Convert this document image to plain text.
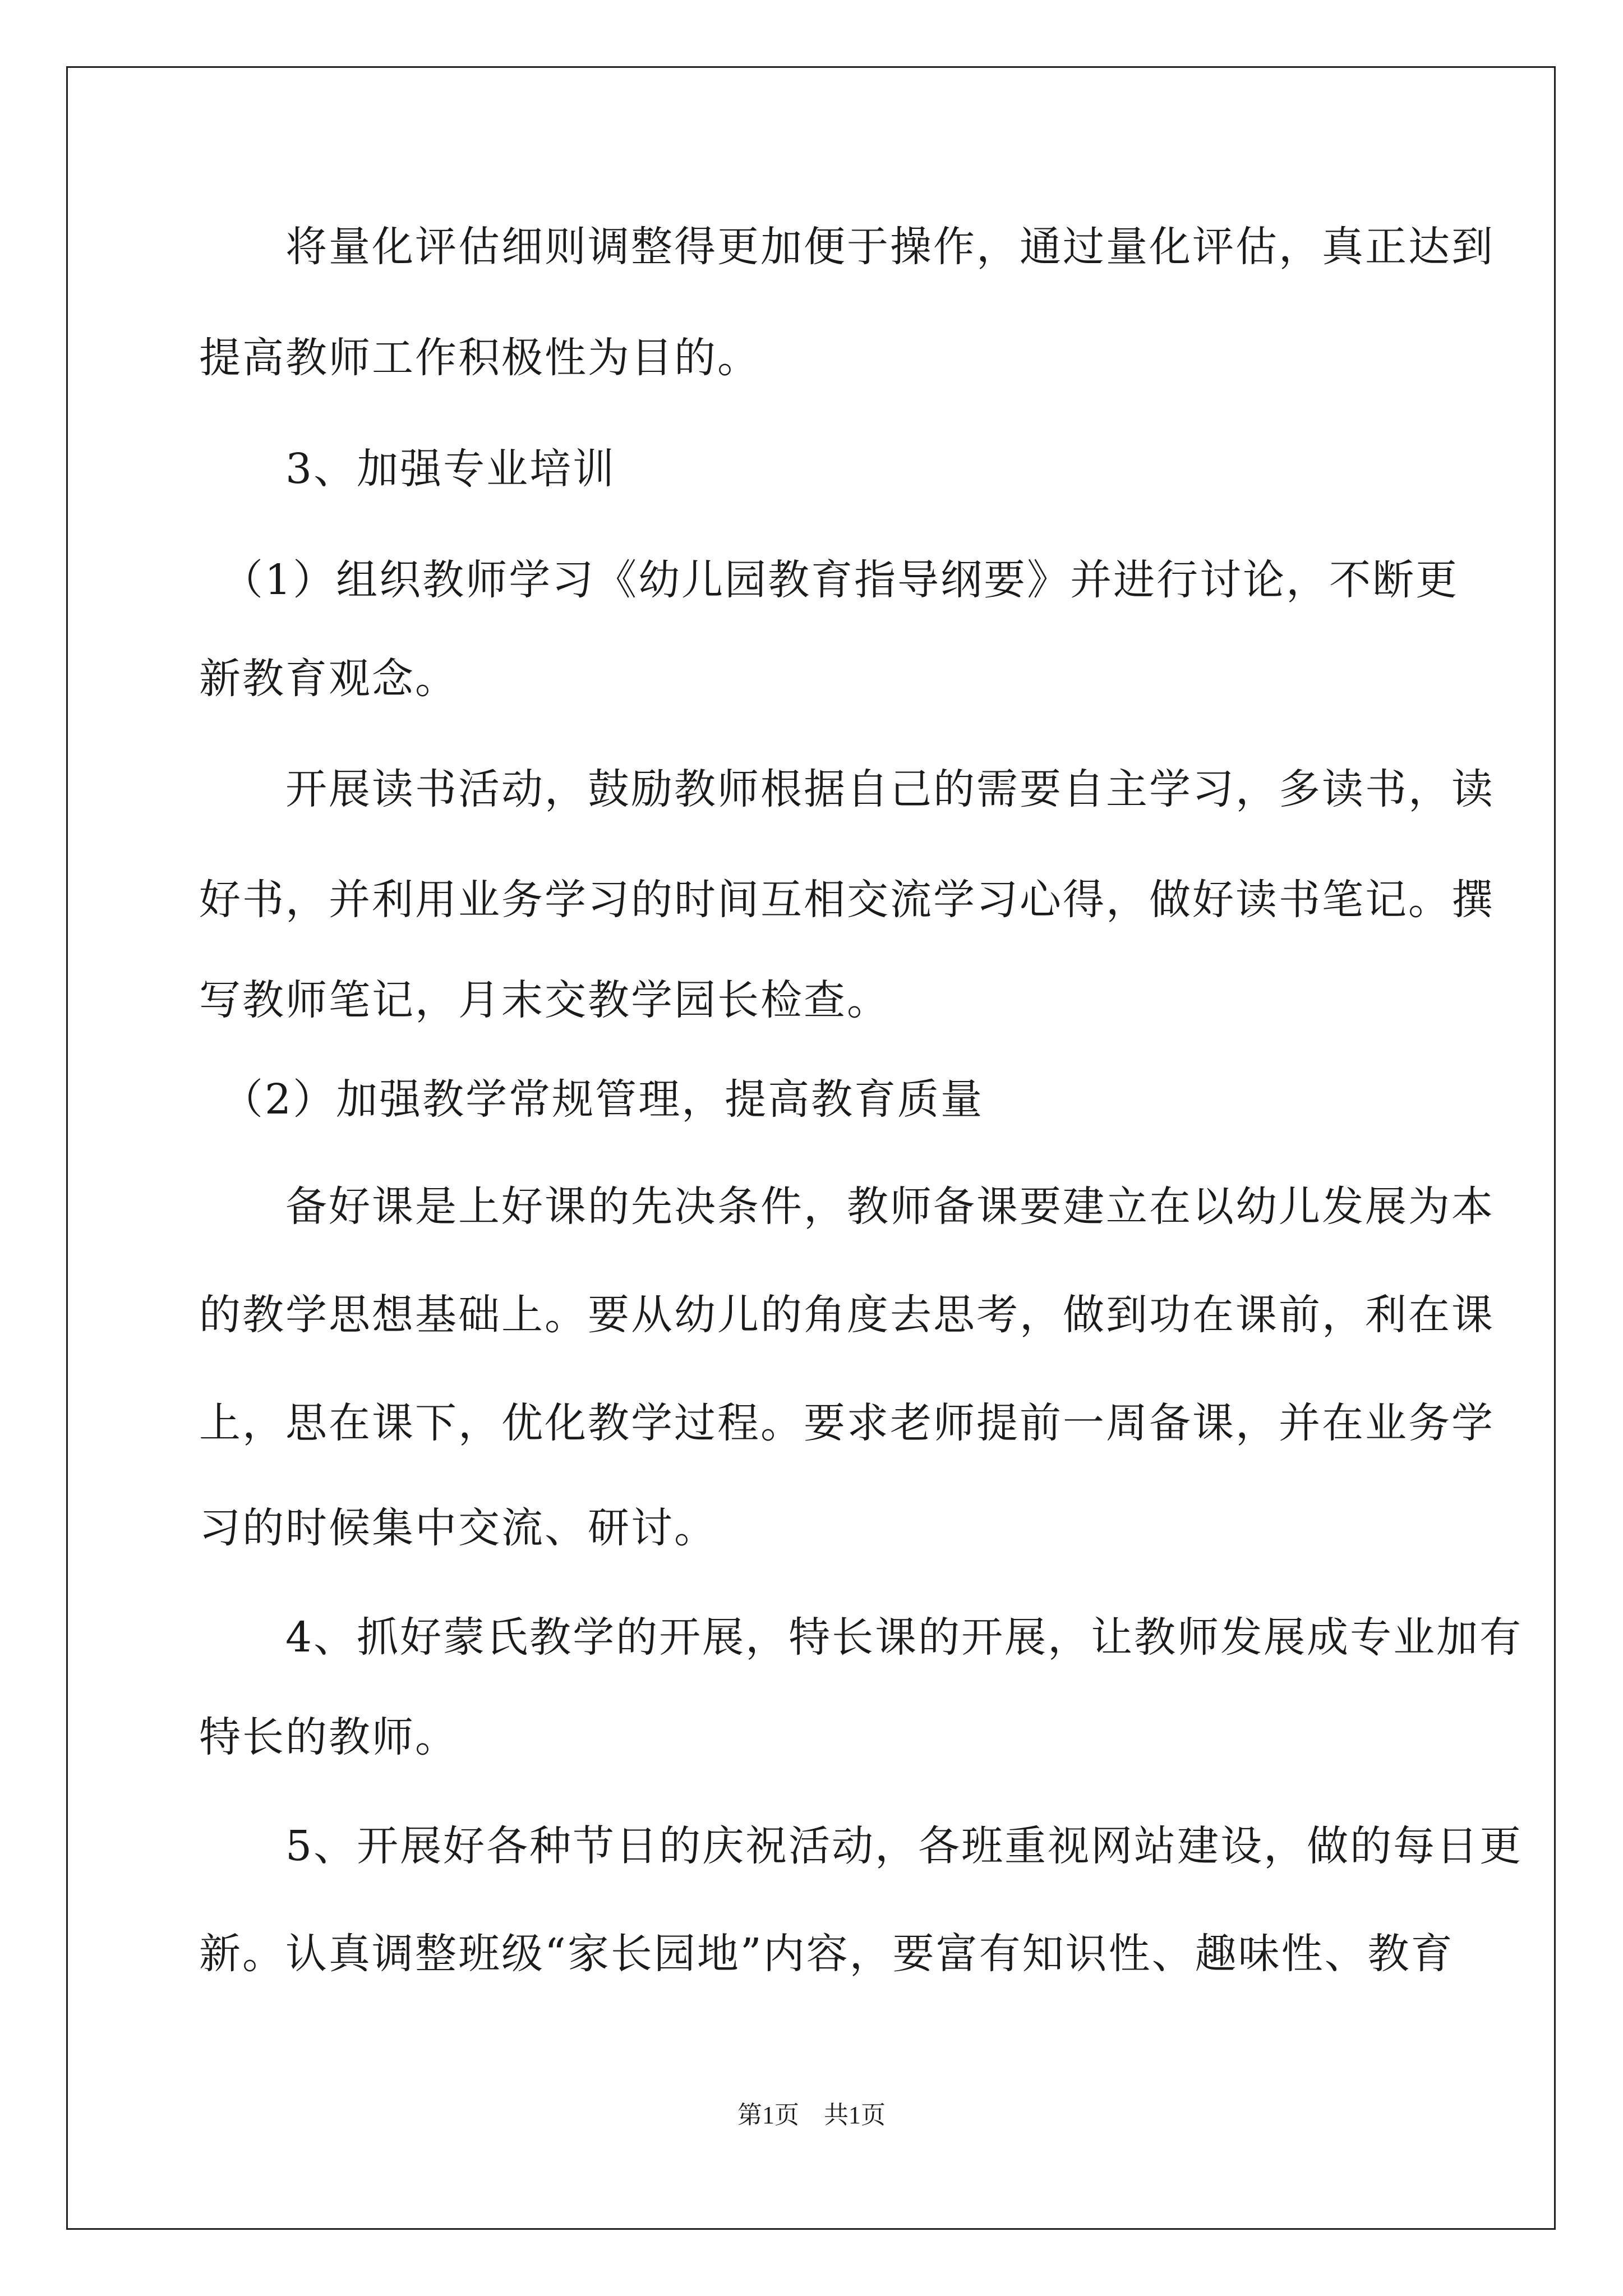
　　将量化评估细则调整得更加便于操作，通过量化评估，真正达到
提高教师工作积极性为目的。
　　3、加强专业培训
　（1）组织教师学习《幼儿园教育指导纲要》并进行讨论，不断更
新教育观念。
　　开展读书活动，鼓励教师根据自己的需要自主学习，多读书，读
好书，并利用业务学习的时间互相交流学习心得，做好读书笔记。撰
写教师笔记，月末交教学园长检查。
　（2）加强教学常规管理，提高教育质量
　　备好课是上好课的先决条件，教师备课要建立在以幼儿发展为本
的教学思想基础上。要从幼儿的角度去思考，做到功在课前，利在课
上，思在课下，优化教学过程。要求老师提前一周备课，并在业务学
习的时候集中交流、研讨。
　　4、抓好蒙氏教学的开展，特长课的开展，让教师发展成专业加有
特长的教师。
　　5、开展好各种节日的庆祝活动，各班重视网站建设，做的每日更
新。认真调整班级“家长园地”内容，要富有知识性、趣味性、教育
第1页　共1页
